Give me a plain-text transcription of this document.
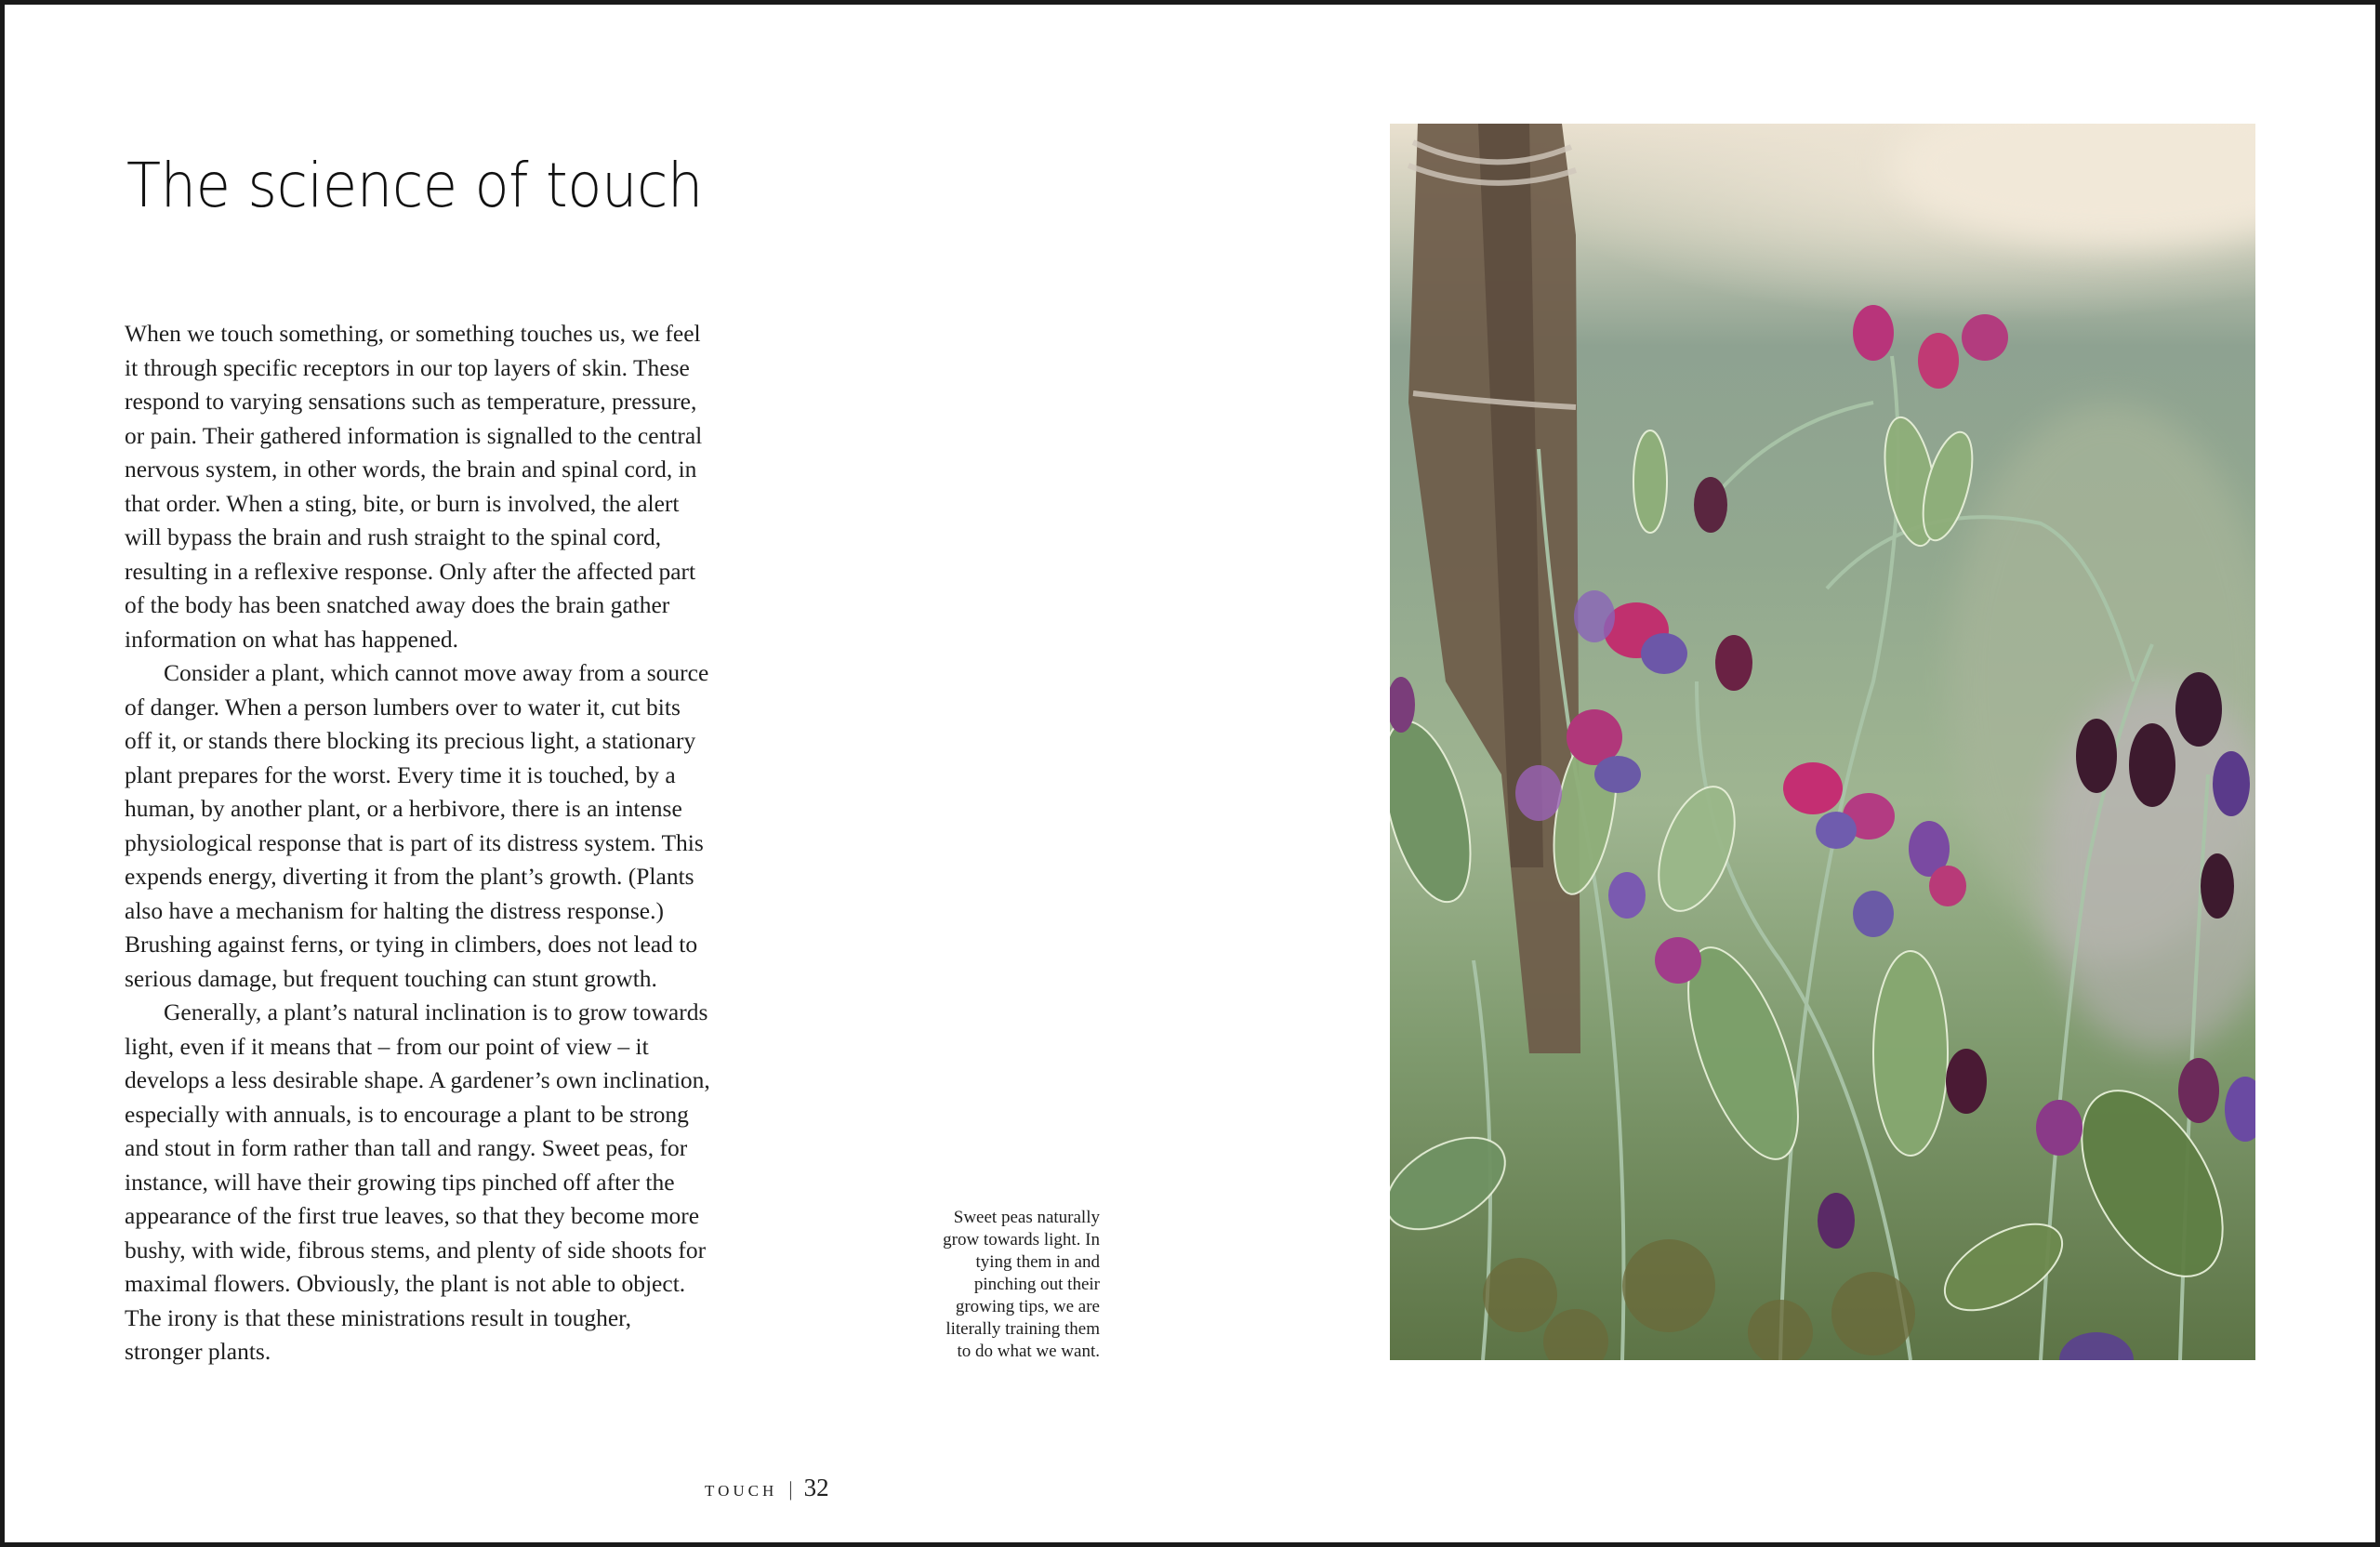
The science of touch
When we touch something, or something touches us, we feel
it through specific receptors in our top layers of skin. These
respond to varying sensations such as temperature, pressure,
or pain. Their gathered information is signalled to the central
nervous system, in other words, the brain and spinal cord, in
that order. When a sting, bite, or burn is involved, the alert
will bypass the brain and rush straight to the spinal cord,
resulting in a reflexive response. Only after the affected part
of the body has been snatched away does the brain gather
information on what has happened.
Consider a plant, which cannot move away from a source
of danger. When a person lumbers over to water it, cut bits
off it, or stands there blocking its precious light, a stationary
plant prepares for the worst. Every time it is touched, by a
human, by another plant, or a herbivore, there is an intense
physiological response that is part of its distress system. This
expends energy, diverting it from the plant’s growth. (Plants
also have a mechanism for halting the distress response.)
Brushing against ferns, or tying in climbers, does not lead to
serious damage, but frequent touching can stunt growth.
Generally, a plant’s natural inclination is to grow towards
light, even if it means that – from our point of view – it
develops a less desirable shape. A gardener’s own inclination,
especially with annuals, is to encourage a plant to be strong
and stout in form rather than tall and rangy. Sweet peas, for
instance, will have their growing tips pinched off after the
appearance of the first true leaves, so that they become more
bushy, with wide, fibrous stems, and plenty of side shoots for
maximal flowers. Obviously, the plant is not able to object.
The irony is that these ministrations result in tougher,
stronger plants.
Sweet peas naturally
grow towards light. In
tying them in and
pinching out their
growing tips, we are
literally training them
to do what we want.
TOUCH | 32
